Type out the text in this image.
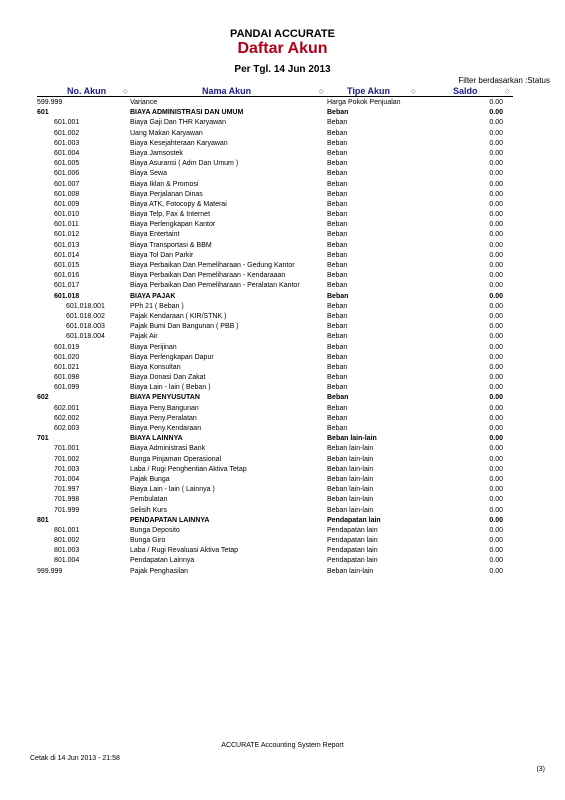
PANDAI ACCURATE
Daftar Akun
Per Tgl. 14 Jun 2013
Filter berdasarkan :Status
No. Akun	◇	Nama Akun	◇	Tipe Akun	◇	Saldo	◇
599.999	Variance	Harga Pokok Penjualan	0.00
601	BIAYA ADMINISTRASI DAN UMUM	Beban	0.00
601.001	Biaya Gaji Dan THR Karyawan	Beban	0.00
601.002	Uang Makan Karyawan	Beban	0.00
601.003	Biaya Kesejahteraan Karyawan	Beban	0.00
601.004	Biaya Jamsostek	Beban	0.00
601.005	Biaya Asuransi ( Adm Dan Umum )	Beban	0.00
601.006	Biaya Sewa	Beban	0.00
601.007	Biaya Iklan & Promosi	Beban	0.00
601.008	Biaya Perjalanan Dinas	Beban	0.00
601.009	Biaya ATK, Fotocopy & Materai	Beban	0.00
601.010	Biaya Telp, Fax & Internet	Beban	0.00
601.011	Biaya Perlengkapan Kantor	Beban	0.00
601.012	Biaya Entertaint	Beban	0.00
601.013	Biaya Transportasi & BBM	Beban	0.00
601.014	Biaya Tol Dan Parkir	Beban	0.00
601.015	Biaya Perbaikan Dan Pemeliharaan - Gedung Kantor	Beban	0.00
601.016	Biaya Perbaikan Dan Pemeliharaan - Kendaraaan	Beban	0.00
601.017	Biaya Perbaikan Dan Pemeliharaan - Peralatan Kantor	Beban	0.00
601.018	BIAYA PAJAK	Beban	0.00
601.018.001	PPh 21 ( Beban )	Beban	0.00
601.018.002	Pajak Kendaraan ( KIR/STNK )	Beban	0.00
601.018.003	Pajak Bumi Dan Bangunan ( PBB )	Beban	0.00
601.018.004	Pajak Air	Beban	0.00
601.019	Biaya Perijinan	Beban	0.00
601.020	Biaya Perlengkapan Dapur	Beban	0.00
601.021	Biaya Konsultan	Beban	0.00
601.098	Biaya Donasi Dan Zakat	Beban	0.00
601.099	Biaya Lain - lain ( Beban )	Beban	0.00
602	BIAYA PENYUSUTAN	Beban	0.00
602.001	Biaya Peny.Bangunan	Beban	0.00
602.002	Biaya Peny.Peralatan	Beban	0.00
602.003	Biaya Peny.Kendaraan	Beban	0.00
701	BIAYA LAINNYA	Beban lain-lain	0.00
701.001	Biaya Administrasi Bank	Beban lain-lain	0.00
701.002	Bunga Pinjaman Operasional	Beban lain-lain	0.00
701.003	Laba / Rugi Penghentian Aktiva Tetap	Beban lain-lain	0.00
701.004	Pajak Bunga	Beban lain-lain	0.00
701.997	Biaya Lain - lain ( Lainnya )	Beban lain-lain	0.00
701.998	Pembulatan	Beban lain-lain	0.00
701.999	Selisih Kurs	Beban lain-lain	0.00
801	PENDAPATAN LAINNYA	Pendapatan lain	0.00
801.001	Bunga Deposito	Pendapatan lain	0.00
801.002	Bunga Giro	Pendapatan lain	0.00
801.003	Laba / Rugi Revaluasi Aktiva Tetap	Pendapatan lain	0.00
801.004	Pendapatan Lainnya	Pendapatan lain	0.00
999.999	Pajak Penghasilan	Beban lain-lain	0.00
ACCURATE Accounting System Report
Cetak di 14 Jun 2013 - 21:58
(3)
